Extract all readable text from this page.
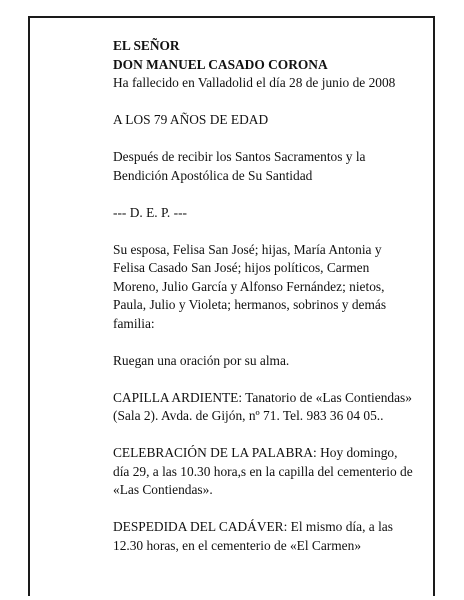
EL SEÑOR

DON MANUEL CASADO CORONA

Ha fallecido en Valladolid el día 28 de junio de 2008

A LOS 79 AÑOS DE EDAD

Después de recibir los Santos Sacramentos y la

Bendición Apostólica de Su Santidad

--- D. E. P. ---

Su esposa, Felisa San José; hijas, María Antonia y

Felisa Casado San José; hijos políticos, Carmen

Moreno, Julio García y Alfonso Fernández; nietos,

Paula, Julio y Violeta; hermanos, sobrinos y demás

familia:

Ruegan una oración por su alma.

CAPILLA ARDIENTE: Tanatorio de «Las Contiendas»

(Sala 2). Avda. de Gijón, nº 71. Tel. 983 36 04 05..

CELEBRACIÓN DE LA PALABRA: Hoy domingo,

día 29, a las 10.30 hora,s en la capilla del cementerio de

«Las Contiendas».

DESPEDIDA DEL CADÁVER: El mismo día, a las

12.30 horas, en el cementerio de «El Carmen»
